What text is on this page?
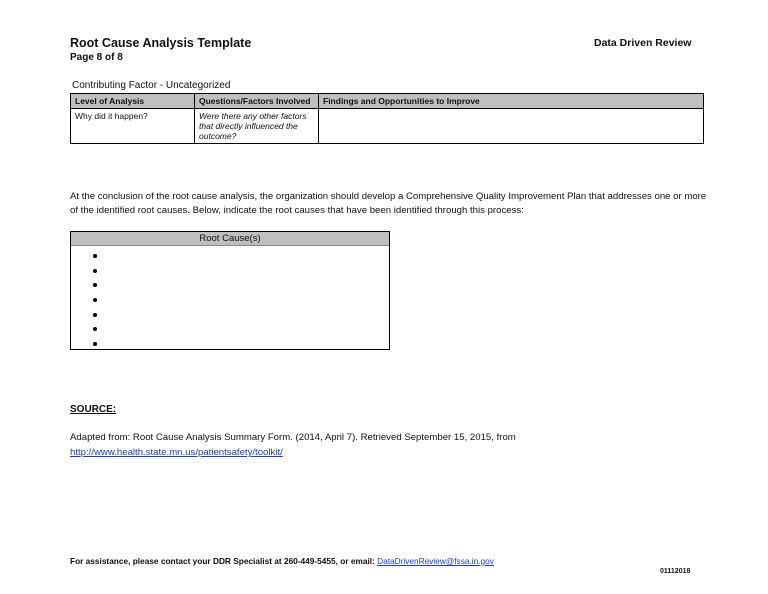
Root Cause Analysis Template
Page 8 of 8
Data Driven Review
Contributing Factor - Uncategorized
Level of Analysis	Questions/Factors Involved	Findings and Opportunities to Improve
Why did it happen?	Were there any other factors that directly influenced the outcome?	
At the conclusion of the root cause analysis, the organization should develop a Comprehensive Quality Improvement Plan that addresses one or more of the identified root causes. Below, indicate the root causes that have been identified through this process:
Root Cause(s)
SOURCE:
Adapted from: Root Cause Analysis Summary Form. (2014, April 7). Retrieved September 15, 2015, from
http://www.health.state.mn.us/patientsafety/toolkit/
For assistance, please contact your DDR Specialist at 260-449-5455, or email: DataDrivenReview@fssa.in.gov
01112018
